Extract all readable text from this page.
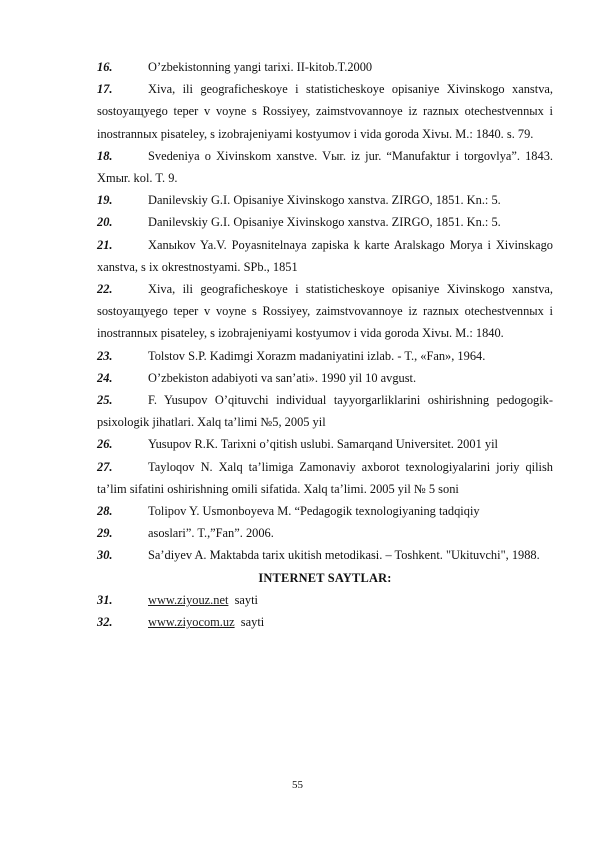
16.	O’zbekistonning yangi tarixi. II-kitob.T.2000
17.	Xiva, ili geograficheskoye i statisticheskoye opisaniye Xivinskogo xanstva, sostoyaщyego teper v voyne s Rossiyey, zaimstvovannoye iz raznыx otechestvennыx i inostrannыx pisateley, s izobrajeniyami kostyumov i vida goroda Xivы. M.: 1840. s. 79.
18.	Svedeniya o Xivinskom xanstve. Vыr. iz jur. “Manufaktur i torgovlya”. 1843. Xmыr. kol. T. 9.
19.	Danilevskiy G.I. Opisaniye Xivinskogo xanstva. ZIRGO, 1851. Kn.: 5.
20.	Danilevskiy G.I. Opisaniye Xivinskogo xanstva. ZIRGO, 1851. Kn.: 5.
21.	Xanыkov Ya.V. Poyasnitelnaya zapiska k karte Aralskago Morya i Xivinskago xanstva, s ix okrestnostyami. SPb., 1851
22.	Xiva, ili geograficheskoye i statisticheskoye opisaniye Xivinskogo xanstva, sostoyaщyego teper v voyne s Rossiyey, zaimstvovannoye iz raznыx otechestvennыx i inostrannыx pisateley, s izobrajeniyami kostyumov i vida goroda Xivы. M.: 1840.
23.	Tolstov S.P. Kadimgi Xorazm madaniyatini izlab. - T., «Fan», 1964.
24.	O’zbekiston adabiyoti va san’ati». 1990 yil 10 avgust.
25.	F. Yusupov O’qituvchi individual tayyorgarliklarini oshirishning pedogogik-psixologik jihatlari. Xalq ta’limi №5, 2005 yil
26.	Yusupov R.K. Tarixni o’qitish uslubi. Samarqand Universitet. 2001 yil
27.	Tayloqov N. Xalq ta’limiga Zamonaviy axborot texnologiyalarini joriy qilish ta’lim sifatini oshirishning omili sifatida. Xalq ta’limi. 2005 yil № 5 soni
28.	Tolipov Y. Usmonboyeva M. “Pedagogik texnologiyaning tadqiqiy
29.	asoslari”. T.,”Fan”. 2006.
30.	Sa’diyev A. Maktabda tarix ukitish metodikasi. – Toshkent. "Ukituvchi", 1988.
INTERNET SAYTLAR:
31.	www.ziyouz.net  sayti
32.	www.ziyocom.uz  sayti
55
